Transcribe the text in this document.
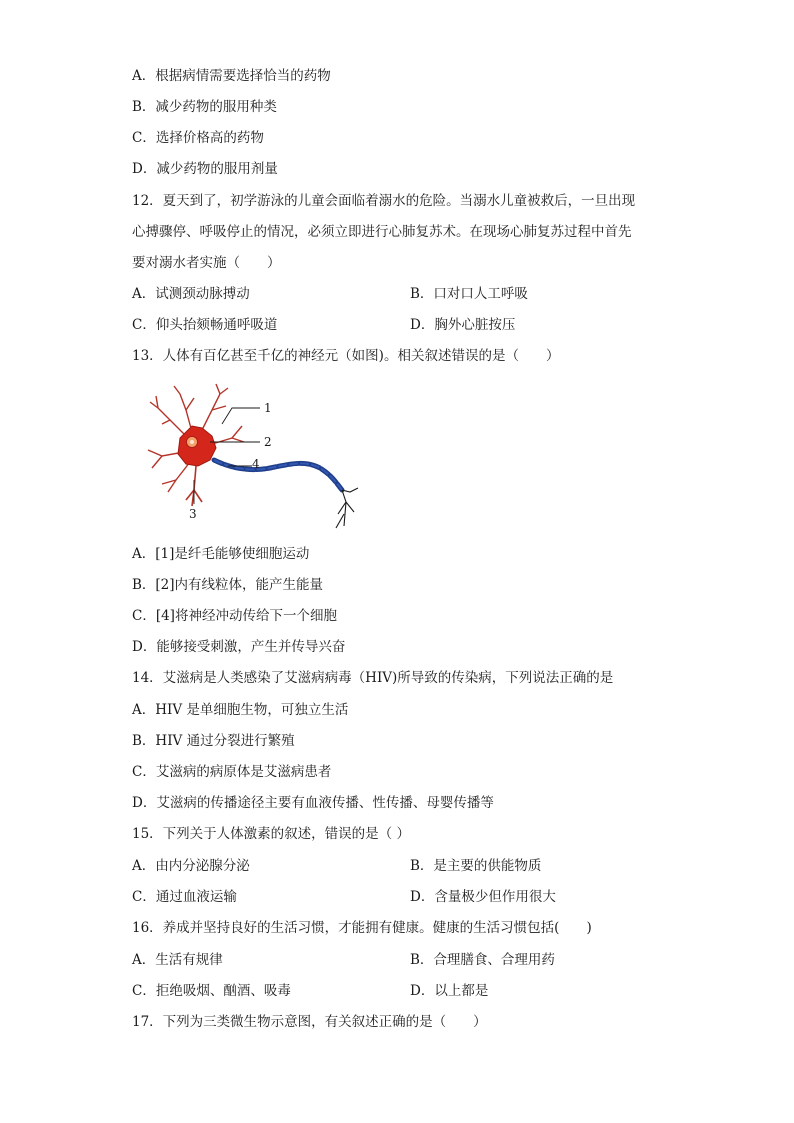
A．根据病情需要选择恰当的药物
B．减少药物的服用种类
C．选择价格高的药物
D．减少药物的服用剂量
12．夏天到了，初学游泳的儿童会面临着溺水的危险。当溺水儿童被救后，一旦出现
心搏骤停、呼吸停止的情况，必须立即进行心肺复苏术。在现场心肺复苏过程中首先
要对溺水者实施（　　）
A．试测颈动脉搏动	B．口对口人工呼吸
C．仰头抬颏畅通呼吸道	D．胸外心脏按压
13．人体有百亿甚至千亿的神经元（如图)。相关叙述错误的是（　　）
1
2
3
4
A．[1]是纤毛能够使细胞运动
B．[2]内有线粒体，能产生能量
C．[4]将神经冲动传给下一个细胞
D．能够接受刺激，产生并传导兴奋
14．艾滋病是人类感染了艾滋病病毒（HIV)所导致的传染病，下列说法正确的是
A．HIV 是单细胞生物，可独立生活
B．HIV 通过分裂进行繁殖
C．艾滋病的病原体是艾滋病患者
D．艾滋病的传播途径主要有血液传播、性传播、母婴传播等
15．下列关于人体激素的叙述，错误的是（ ）
A．由内分泌腺分泌	B．是主要的供能物质
C．通过血液运输	D．含量极少但作用很大
16．养成并坚持良好的生活习惯，才能拥有健康。健康的生活习惯包括(　　)
A．生活有规律	B．合理膳食、合理用药
C．拒绝吸烟、酗酒、吸毒	D．以上都是
17．下列为三类微生物示意图，有关叙述正确的是（　　）
